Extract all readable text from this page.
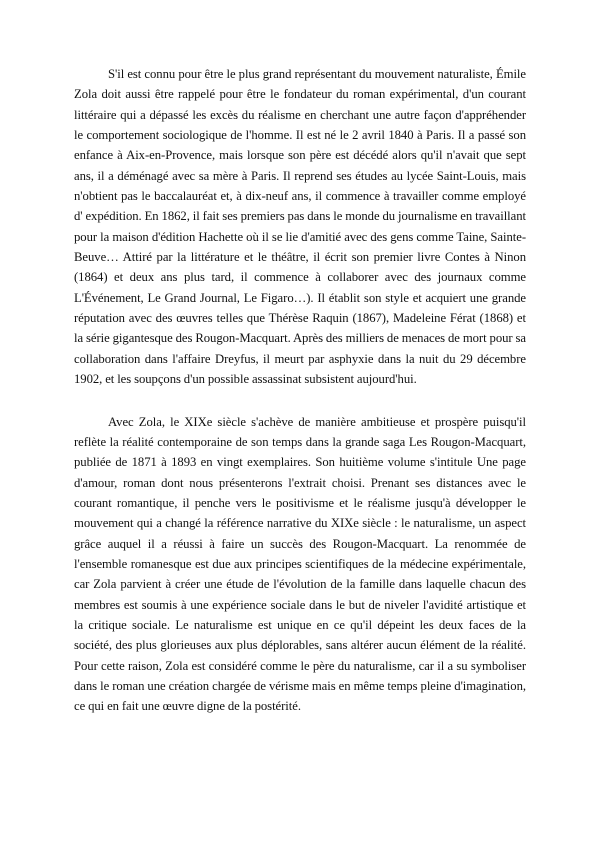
S'il est connu pour être le plus grand représentant du mouvement naturaliste, Émile Zola doit aussi être rappelé pour être le fondateur du roman expérimental, d'un courant littéraire qui a dépassé les excès du réalisme en cherchant une autre façon d'appréhender le comportement sociologique de l'homme. Il est né le 2 avril 1840 à Paris. Il a passé son enfance à Aix-en-Provence, mais lorsque son père est décédé alors qu'il n'avait que sept ans, il a déménagé avec sa mère à Paris. Il reprend ses études au lycée Saint-Louis, mais n'obtient pas le baccalauréat et, à dix-neuf ans, il commence à travailler comme employé d' expédition. En 1862, il fait ses premiers pas dans le monde du journalisme en travaillant pour la maison d'édition Hachette où il se lie d'amitié avec des gens comme Taine, Sainte-Beuve… Attiré par la littérature et le théâtre, il écrit son premier livre Contes à Ninon (1864) et deux ans plus tard, il commence à collaborer avec des journaux comme L'Événement, Le Grand Journal, Le Figaro…). Il établit son style et acquiert une grande réputation avec des œuvres telles que Thérèse Raquin (1867), Madeleine Férat (1868) et la série gigantesque des Rougon-Macquart. Après des milliers de menaces de mort pour sa collaboration dans l'affaire Dreyfus, il meurt par asphyxie dans la nuit du 29 décembre 1902, et les soupçons d'un possible assassinat subsistent aujourd'hui.

Avec Zola, le XIXe siècle s'achève de manière ambitieuse et prospère puisqu'il reflète la réalité contemporaine de son temps dans la grande saga Les Rougon-Macquart, publiée de 1871 à 1893 en vingt exemplaires. Son huitième volume s'intitule Une page d'amour, roman dont nous présenterons l'extrait choisi. Prenant ses distances avec le courant romantique, il penche vers le positivisme et le réalisme jusqu'à développer le mouvement qui a changé la référence narrative du XIXe siècle : le naturalisme, un aspect grâce auquel il a réussi à faire un succès des Rougon-Macquart. La renommée de l'ensemble romanesque est due aux principes scientifiques de la médecine expérimentale, car Zola parvient à créer une étude de l'évolution de la famille dans laquelle chacun des membres est soumis à une expérience sociale dans le but de niveler l'avidité artistique et la critique sociale. Le naturalisme est unique en ce qu'il dépeint les deux faces de la société, des plus glorieuses aux plus déplorables, sans altérer aucun élément de la réalité. Pour cette raison, Zola est considéré comme le père du naturalisme, car il a su symboliser dans le roman une création chargée de vérisme mais en même temps pleine d'imagination, ce qui en fait une œuvre digne de la postérité.
